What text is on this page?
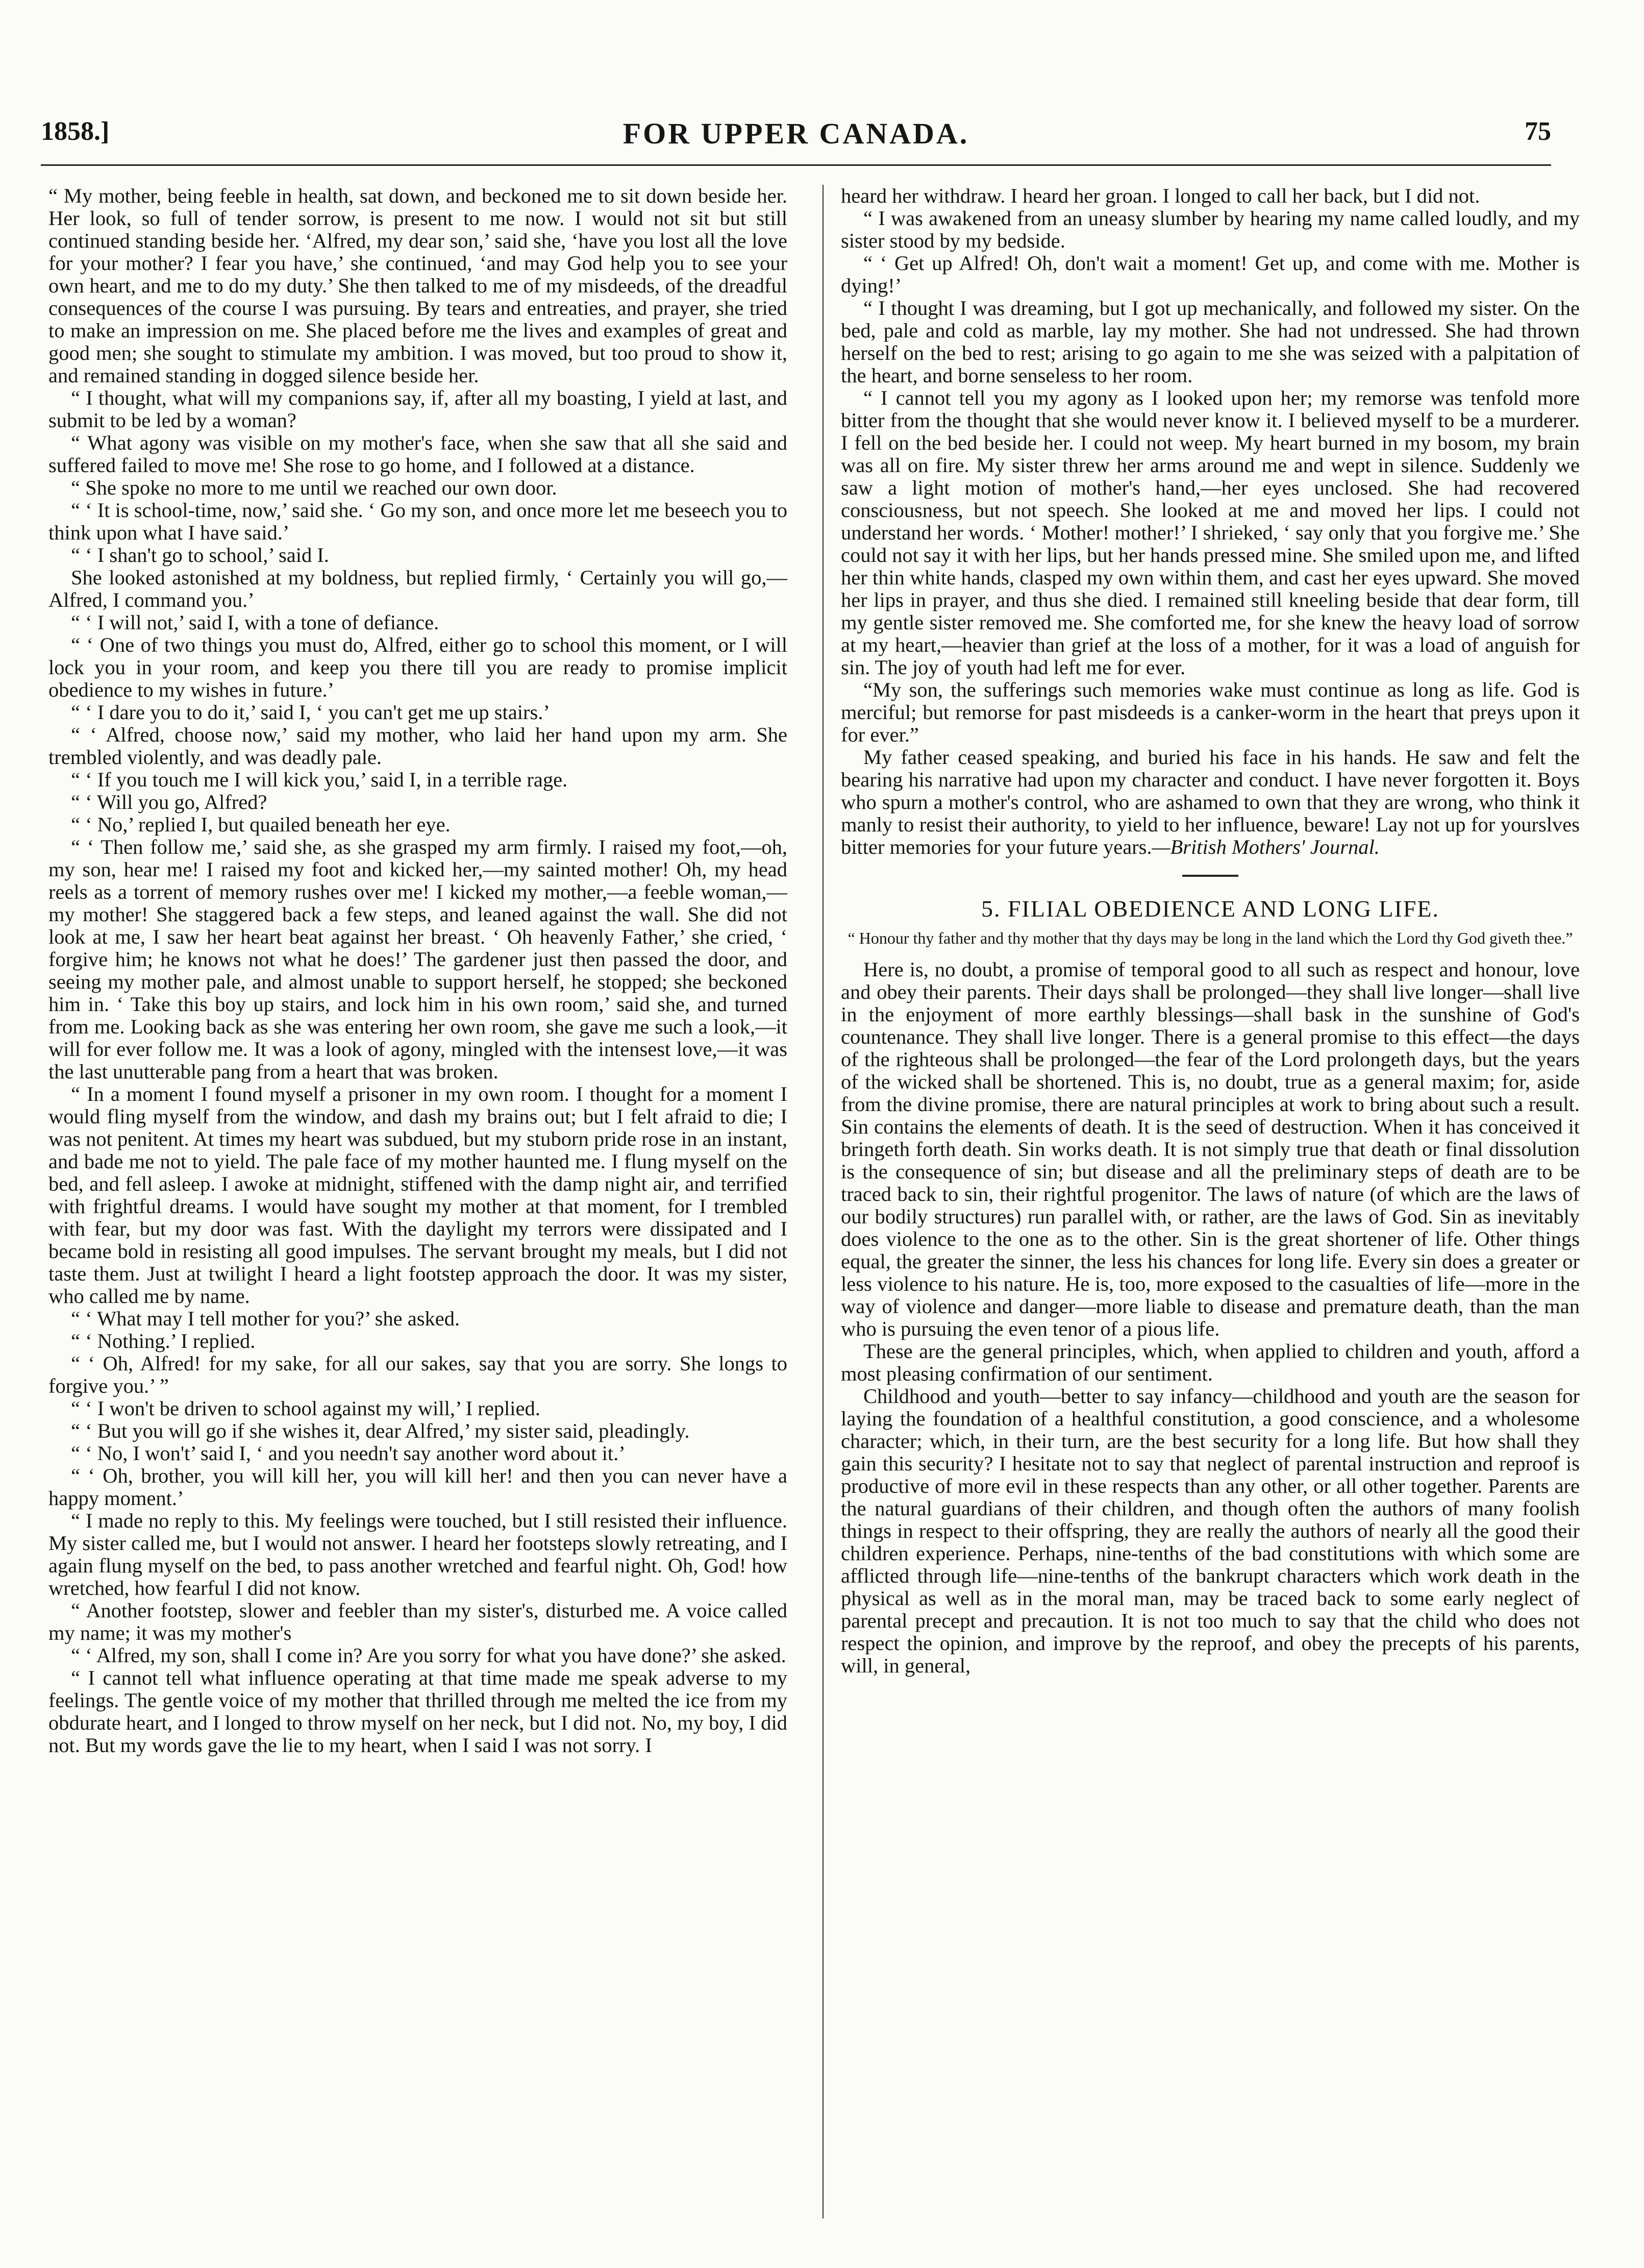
1858.]	FOR UPPER CANADA.	75

“ My mother, being feeble in health, sat down, and beckoned me to sit down beside her. Her look, so full of tender sorrow, is present to me now. I would not sit but still continued standing beside her. ‘Alfred, my dear son,’ said she, ‘have you lost all the love for your mother? I fear you have,’ she continued, ‘and may God help you to see your own heart, and me to do my duty.’ She then talked to me of my misdeeds, of the dreadful consequences of the course I was pursuing. By tears and entreaties, and prayer, she tried to make an impression on me. She placed before me the lives and examples of great and good men; she sought to stimulate my ambition. I was moved, but too proud to show it, and remained standing in dogged silence beside her.

“ I thought, what will my companions say, if, after all my boasting, I yield at last, and submit to be led by a woman?

“ What agony was visible on my mother's face, when she saw that all she said and suffered failed to move me! She rose to go home, and I followed at a distance.

“ She spoke no more to me until we reached our own door.

“ ‘ It is school-time, now,’ said she. ‘ Go my son, and once more let me beseech you to think upon what I have said.’

“ ‘ I shan't go to school,’ said I.

She looked astonished at my boldness, but replied firmly, ‘ Certainly you will go,—Alfred, I command you.’

“ ‘ I will not,’ said I, with a tone of defiance.

“ ‘ One of two things you must do, Alfred, either go to school this moment, or I will lock you in your room, and keep you there till you are ready to promise implicit obedience to my wishes in future.’

“ ‘ I dare you to do it,’ said I, ‘ you can't get me up stairs.’

“ ‘ Alfred, choose now,’ said my mother, who laid her hand upon my arm. She trembled violently, and was deadly pale.

“ ‘ If you touch me I will kick you,’ said I, in a terrible rage.

“ ‘ Will you go, Alfred?

“ ‘ No,’ replied I, but quailed beneath her eye.

“ ‘ Then follow me,’ said she, as she grasped my arm firmly. I raised my foot,—oh, my son, hear me! I raised my foot and kicked her,—my sainted mother! Oh, my head reels as a torrent of memory rushes over me! I kicked my mother,—a feeble woman,—my mother! She staggered back a few steps, and leaned against the wall. She did not look at me, I saw her heart beat against her breast. ‘ Oh heavenly Father,’ she cried, ‘ forgive him; he knows not what he does!’ The gardener just then passed the door, and seeing my mother pale, and almost unable to support herself, he stopped; she beckoned him in. ‘ Take this boy up stairs, and lock him in his own room,’ said she, and turned from me. Looking back as she was entering her own room, she gave me such a look,—it will for ever follow me. It was a look of agony, mingled with the intensest love,—it was the last unutterable pang from a heart that was broken.

“ In a moment I found myself a prisoner in my own room. I thought for a moment I would fling myself from the window, and dash my brains out; but I felt afraid to die; I was not penitent. At times my heart was subdued, but my stuborn pride rose in an instant, and bade me not to yield. The pale face of my mother haunted me. I flung myself on the bed, and fell asleep. I awoke at midnight, stiffened with the damp night air, and terrified with frightful dreams. I would have sought my mother at that moment, for I trembled with fear, but my door was fast. With the daylight my terrors were dissipated and I became bold in resisting all good impulses. The servant brought my meals, but I did not taste them. Just at twilight I heard a light footstep approach the door. It was my sister, who called me by name.

“ ‘ What may I tell mother for you?’ she asked.

“ ‘ Nothing.’ I replied.

“ ‘ Oh, Alfred! for my sake, for all our sakes, say that you are sorry. She longs to forgive you.’ ”

“ ‘ I won't be driven to school against my will,’ I replied.

“ ‘ But you will go if she wishes it, dear Alfred,’ my sister said, pleadingly.

“ ‘ No, I won't’ said I, ‘ and you needn't say another word about it.’

“ ‘ Oh, brother, you will kill her, you will kill her! and then you can never have a happy moment.’

“ I made no reply to this. My feelings were touched, but I still resisted their influence. My sister called me, but I would not answer. I heard her footsteps slowly retreating, and I again flung myself on the bed, to pass another wretched and fearful night. Oh, God! how wretched, how fearful I did not know.

“ Another footstep, slower and feebler than my sister's, disturbed me. A voice called my name; it was my mother's

“ ‘ Alfred, my son, shall I come in? Are you sorry for what you have done?’ she asked.

“ I cannot tell what influence operating at that time made me speak adverse to my feelings. The gentle voice of my mother that thrilled through me melted the ice from my obdurate heart, and I longed to throw myself on her neck, but I did not. No, my boy, I did not. But my words gave the lie to my heart, when I said I was not sorry. I

heard her withdraw. I heard her groan. I longed to call her back, but I did not.

“ I was awakened from an uneasy slumber by hearing my name called loudly, and my sister stood by my bedside.

“ ‘ Get up Alfred! Oh, don't wait a moment! Get up, and come with me. Mother is dying!’

“ I thought I was dreaming, but I got up mechanically, and followed my sister. On the bed, pale and cold as marble, lay my mother. She had not undressed. She had thrown herself on the bed to rest; arising to go again to me she was seized with a palpitation of the heart, and borne senseless to her room.

“ I cannot tell you my agony as I looked upon her; my remorse was tenfold more bitter from the thought that she would never know it. I believed myself to be a murderer. I fell on the bed beside her. I could not weep. My heart burned in my bosom, my brain was all on fire. My sister threw her arms around me and wept in silence. Suddenly we saw a light motion of mother's hand,—her eyes unclosed. She had recovered consciousness, but not speech. She looked at me and moved her lips. I could not understand her words. ‘ Mother! mother!’ I shrieked, ‘ say only that you forgive me.’ She could not say it with her lips, but her hands pressed mine. She smiled upon me, and lifted her thin white hands, clasped my own within them, and cast her eyes upward. She moved her lips in prayer, and thus she died. I remained still kneeling beside that dear form, till my gentle sister removed me. She comforted me, for she knew the heavy load of sorrow at my heart,—heavier than grief at the loss of a mother, for it was a load of anguish for sin. The joy of youth had left me for ever.

“My son, the sufferings such memories wake must continue as long as life. God is merciful; but remorse for past misdeeds is a canker-worm in the heart that preys upon it for ever.”

My father ceased speaking, and buried his face in his hands. He saw and felt the bearing his narrative had upon my character and conduct. I have never forgotten it. Boys who spurn a mother's control, who are ashamed to own that they are wrong, who think it manly to resist their authority, to yield to her influence, beware! Lay not up for yourslves bitter memories for your future years.—British Mothers' Journal.

5. FILIAL OBEDIENCE AND LONG LIFE.
“ Honour thy father and thy mother that thy days may be long in the land which the Lord thy God giveth thee.”

Here is, no doubt, a promise of temporal good to all such as respect and honour, love and obey their parents. Their days shall be prolonged—they shall live longer—shall live in the enjoyment of more earthly blessings—shall bask in the sunshine of God's countenance. They shall live longer. There is a general promise to this effect—the days of the righteous shall be prolonged—the fear of the Lord prolongeth days, but the years of the wicked shall be shortened. This is, no doubt, true as a general maxim; for, aside from the divine promise, there are natural principles at work to bring about such a result. Sin contains the elements of death. It is the seed of destruction. When it has conceived it bringeth forth death. Sin works death. It is not simply true that death or final dissolution is the consequence of sin; but disease and all the preliminary steps of death are to be traced back to sin, their rightful progenitor. The laws of nature (of which are the laws of our bodily structures) run parallel with, or rather, are the laws of God. Sin as inevitably does violence to the one as to the other. Sin is the great shortener of life. Other things equal, the greater the sinner, the less his chances for long life. Every sin does a greater or less violence to his nature. He is, too, more exposed to the casualties of life—more in the way of violence and danger—more liable to disease and premature death, than the man who is pursuing the even tenor of a pious life.

These are the general principles, which, when applied to children and youth, afford a most pleasing confirmation of our sentiment.

Childhood and youth—better to say infancy—childhood and youth are the season for laying the foundation of a healthful constitution, a good conscience, and a wholesome character; which, in their turn, are the best security for a long life. But how shall they gain this security? I hesitate not to say that neglect of parental instruction and reproof is productive of more evil in these respects than any other, or all other together. Parents are the natural guardians of their children, and though often the authors of many foolish things in respect to their offspring, they are really the authors of nearly all the good their children experience. Perhaps, nine-tenths of the bad constitutions with which some are afflicted through life—nine-tenths of the bankrupt characters which work death in the physical as well as in the moral man, may be traced back to some early neglect of parental precept and precaution. It is not too much to say that the child who does not respect the opinion, and improve by the reproof, and obey the precepts of his parents, will, in general,
